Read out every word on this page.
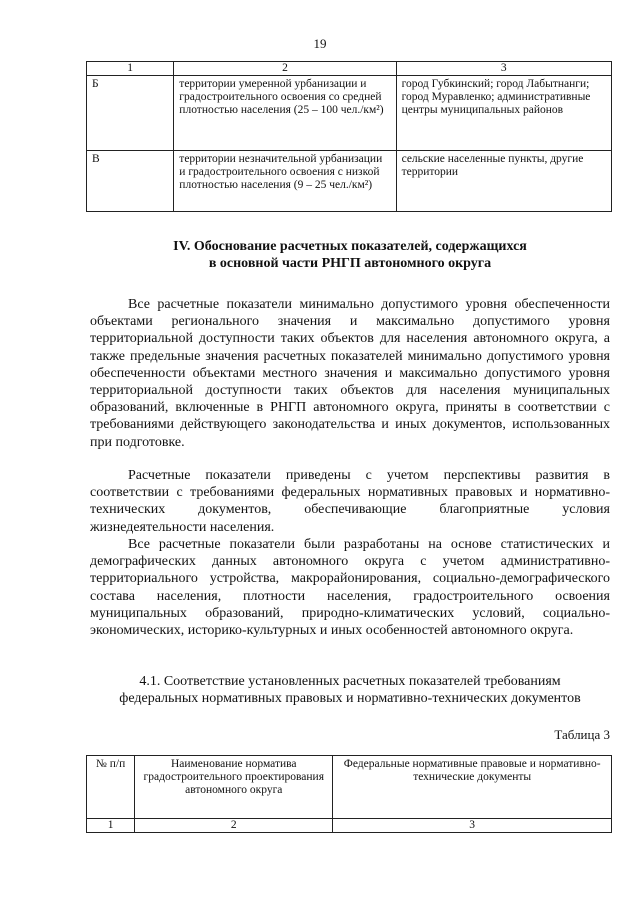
19
1	2	3
Б	территории умеренной урбанизации и градостроительного освоения со средней плотностью населения (25 – 100 чел./км²)	город Губкинский; город Лабытнанги; город Муравленко; административные центры муниципальных районов
В	территории незначительной урбанизации и градостроительного освоения с низкой плотностью населения (9 – 25 чел./км²)	сельские населенные пункты, другие территории
IV. Обоснование расчетных показателей, содержащихся
в основной части РНГП автономного округа

Все расчетные показатели минимально допустимого уровня обеспеченности объектами регионального значения и максимально допустимого уровня территориальной доступности таких объектов для населения автономного округа, а также предельные значения расчетных показателей минимально допустимого уровня обеспеченности объектами местного значения и максимально допустимого уровня территориальной доступности таких объектов для населения муниципальных образований, включенные в РНГП автономного округа, приняты в соответствии с требованиями действующего законодательства и иных документов, использованных при подготовке.

Расчетные показатели приведены с учетом перспективы развития в соответствии с требованиями федеральных нормативных правовых и нормативно-технических документов, обеспечивающие благоприятные условия жизнедеятельности населения.

Все расчетные показатели были разработаны на основе статистических и демографических данных автономного округа с учетом административно-территориального устройства, макрорайонирования, социально-демографического состава населения, плотности населения, градостроительного освоения муниципальных образований, природно-климатических условий, социально-экономических, историко-культурных и иных особенностей автономного округа.

4.1. Соответствие установленных расчетных показателей требованиям
федеральных нормативных правовых и нормативно-технических документов
Таблица 3
№ п/п	Наименование норматива градостроительного проектирования автономного округа	Федеральные нормативные правовые и нормативно-технические документы
1	2	3
